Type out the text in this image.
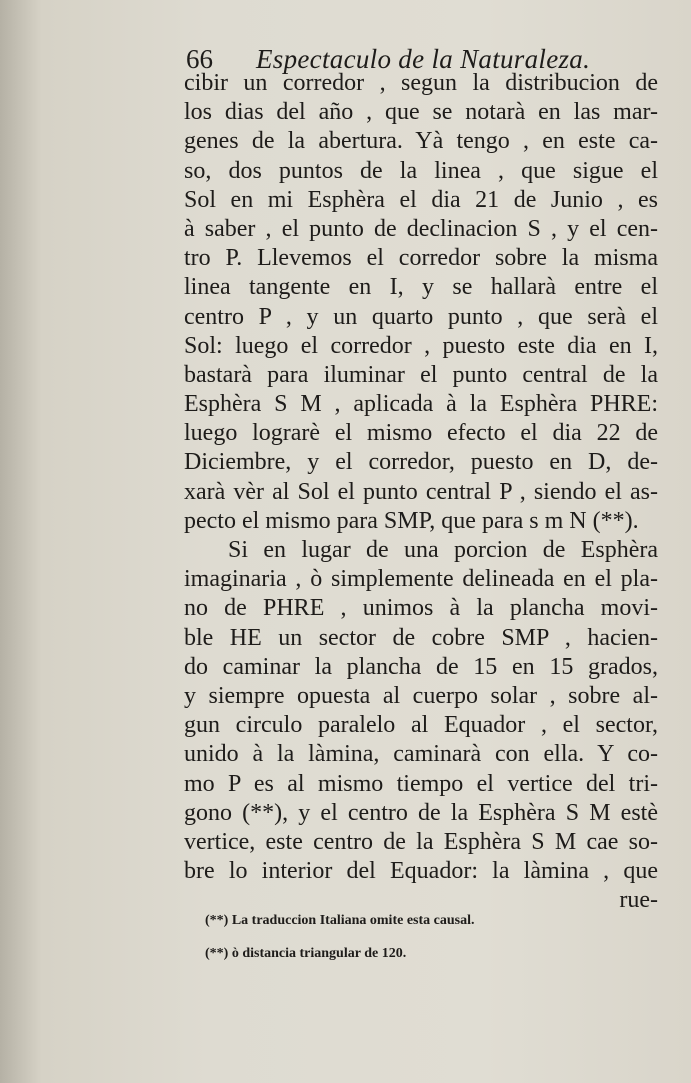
66 Espectaculo de la Naturaleza.
cibir un corredor , segun la distribucion de
los dias del año , que se notarà en las mar-
genes de la abertura. Yà tengo , en este ca-
so, dos puntos de la linea , que sigue el
Sol en mi Esphèra el dia 21 de Junio , es
à saber , el punto de declinacion S , y el cen-
tro P. Llevemos el corredor sobre la misma
linea tangente en I, y se hallarà entre el
centro P , y un quarto punto , que serà el
Sol: luego el corredor , puesto este dia en I,
bastarà para iluminar el punto central de la
Esphèra S M , aplicada à la Esphèra PHRE:
luego lograrè el mismo efecto el dia 22 de
Diciembre, y el corredor, puesto en D, de-
xarà vèr al Sol el punto central P , siendo el as-
pecto el mismo para SMP, que para s m N (**).
Si en lugar de una porcion de Esphèra
imaginaria , ò simplemente delineada en el pla-
no de PHRE , unimos à la plancha movi-
ble HE un sector de cobre SMP , hacien-
do caminar la plancha de 15 en 15 grados,
y siempre opuesta al cuerpo solar , sobre al-
gun circulo paralelo al Equador , el sector,
unido à la làmina, caminarà con ella. Y co-
mo P es al mismo tiempo el vertice del tri-
gono (**), y el centro de la Esphèra S M estè
vertice, este centro de la Esphèra S M cae so-
bre lo interior del Equador: la làmina , que
rue-
(**) La traduccion Italiana omite esta causal.
(**) ò distancia triangular de 120.
